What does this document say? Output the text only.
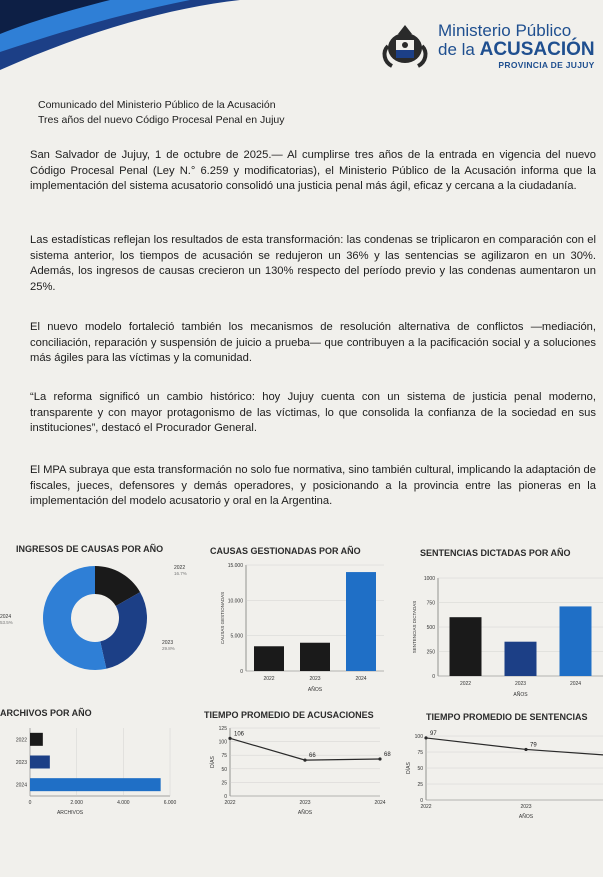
Ministerio Público
de la ACUSACIÓN
PROVINCIA DE JUJUY
Comunicado del Ministerio Público de la Acusación
Tres años del nuevo Código Procesal Penal en Jujuy
San Salvador de Jujuy, 1 de octubre de 2025.— Al cumplirse tres años de la entrada en vigencia del nuevo Código Procesal Penal (Ley N.° 6.259 y modificatorias), el Ministerio Público de la Acusación informa que la implementación del sistema acusatorio consolidó una justicia penal más ágil, eficaz y cercana a la ciudadanía.
Las estadísticas reflejan los resultados de esta transformación: las condenas se triplicaron en comparación con el sistema anterior, los tiempos de acusación se redujeron un 36% y las sentencias se agilizaron en un 30%. Además, los ingresos de causas crecieron un 130% respecto del período previo y las condenas aumentaron un 25%.
El nuevo modelo fortaleció también los mecanismos de resolución alternativa de conflictos —mediación, conciliación, reparación y suspensión de juicio a prueba— que contribuyen a la pacificación social y a soluciones más ágiles para las víctimas y la comunidad.
“La reforma significó un cambio histórico: hoy Jujuy cuenta con un sistema de justicia penal moderno, transparente y con mayor protagonismo de las víctimas, lo que consolida la confianza de la sociedad en sus instituciones”, destacó el Procurador General.
El MPA subraya que esta transformación no solo fue normativa, sino también cultural, implicando la adaptación de fiscales, jueces, defensores y demás operadores, y posicionando a la provincia entre las pioneras en la implementación del modelo acusatorio y oral en la Argentina.
INGRESOS DE CAUSAS POR AÑO	CAUSAS GESTIONADAS POR AÑO	SENTENCIAS DICTADAS POR AÑO
ARCHIVOS POR AÑO	TIEMPO PROMEDIO DE ACUSACIONES	TIEMPO PROMEDIO DE SENTENCIAS
2022
16.7%
2023
29.8%
2024
53.5%
0
5.000
10.000
15.000
2022	2023	2024
AÑOS
CAUSAS GESTIONADAS
0
250
500
750
1000
2022	2023	2024
AÑOS
SENTENCIAS DICTADAS
0	2.000	4.000	6.000
2022
2023
2024
ARCHIVOS
0
25
50
75
100
125
106
2022
66
2023
68
2024
AÑOS
DÍAS
0
25
50
75
100
97
2022
79
2023
AÑOS
DÍAS
